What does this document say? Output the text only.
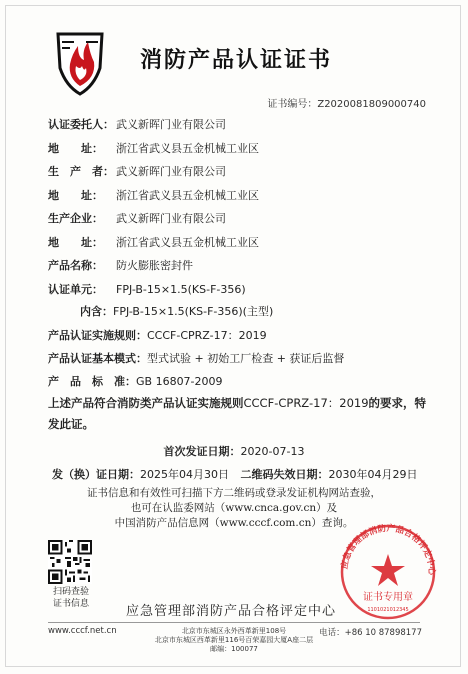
消防产品认证证书
证书编号：Z2020081809000740
认证委托人： 武义新晖门业有限公司
地　　址： 浙江省武义县五金机械工业区
生　产　者： 武义新晖门业有限公司
地　　址： 浙江省武义县五金机械工业区
生产企业： 武义新晖门业有限公司
地　　址： 浙江省武义县五金机械工业区
产品名称： 防火膨胀密封件
认证单元： FPJ-B-15×1.5(KS-F-356)
内含：FPJ-B-15×1.5(KS-F-356)(主型)
产品认证实施规则：CCCF-CPRZ-17：2019
产品认证基本模式：型式试验 + 初始工厂检查 + 获证后监督
产　品　标　准：GB 16807-2009
上述产品符合消防类产品认证实施规则CCCF-CPRZ-17：2019的要求，特发此证。
首次发证日期：2020-07-13
发（换）证日期：2025年04月30日 二维码失效日期：2030年04月29日
证书信息和有效性可扫描下方二维码或登录发证机构网站查验，
也可在认监委网站（www.cnca.gov.cn）及
中国消防产品信息网（www.cccf.com.cn）查询。
扫码查验
证书信息
应急管理部消防产品合格评定中心
证书专用章
1101021012345
应急管理部消防产品合格评定中心
www.cccf.net.cn	电话：+86 10 87898177
北京市东城区永外西革新里108号
北京市东城区西革新里116号百荣嘉园大厦A座二层
邮编：100077
